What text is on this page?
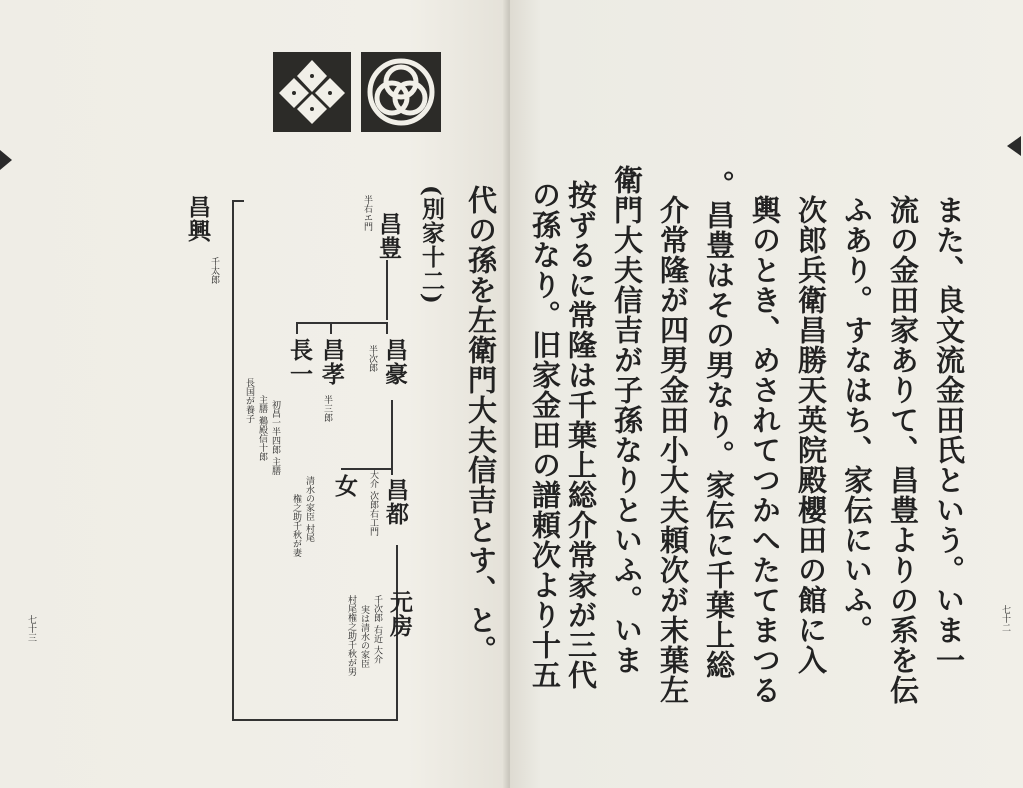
代の孫を左衛門大夫信吉とす、と。
(別家十二)
昌興
千太郎
昌豊
半右エ門
昌豪
半次郎
長一
初昌一半四郎 主膳
主膳 鵜殿信十郎
長国が養子
昌孝
半三郎
昌都
大介 次郎右工門
女
清水の家臣 村尾
権之助千秋が妻
元房
千次郎 右近 大介
実は清水の家臣
村尾権之助千秋が男
七十三	また、良文流金田氏という。いま一
流の金田家ありて、昌豊よりの系を伝
ふあり。すなはち、家伝にいふ。
次郎兵衛昌勝天英院殿櫻田の館に入
輿のとき、めされてつかへたてまつる
。昌豊はその男なり。家伝に千葉上総
介常隆が四男金田小大夫頼次が末葉左
衛門大夫信吉が子孫なりといふ。いま
按ずるに常隆は千葉上総介常家が三代
の孫なり。旧家金田の譜頼次より十五	七十二
